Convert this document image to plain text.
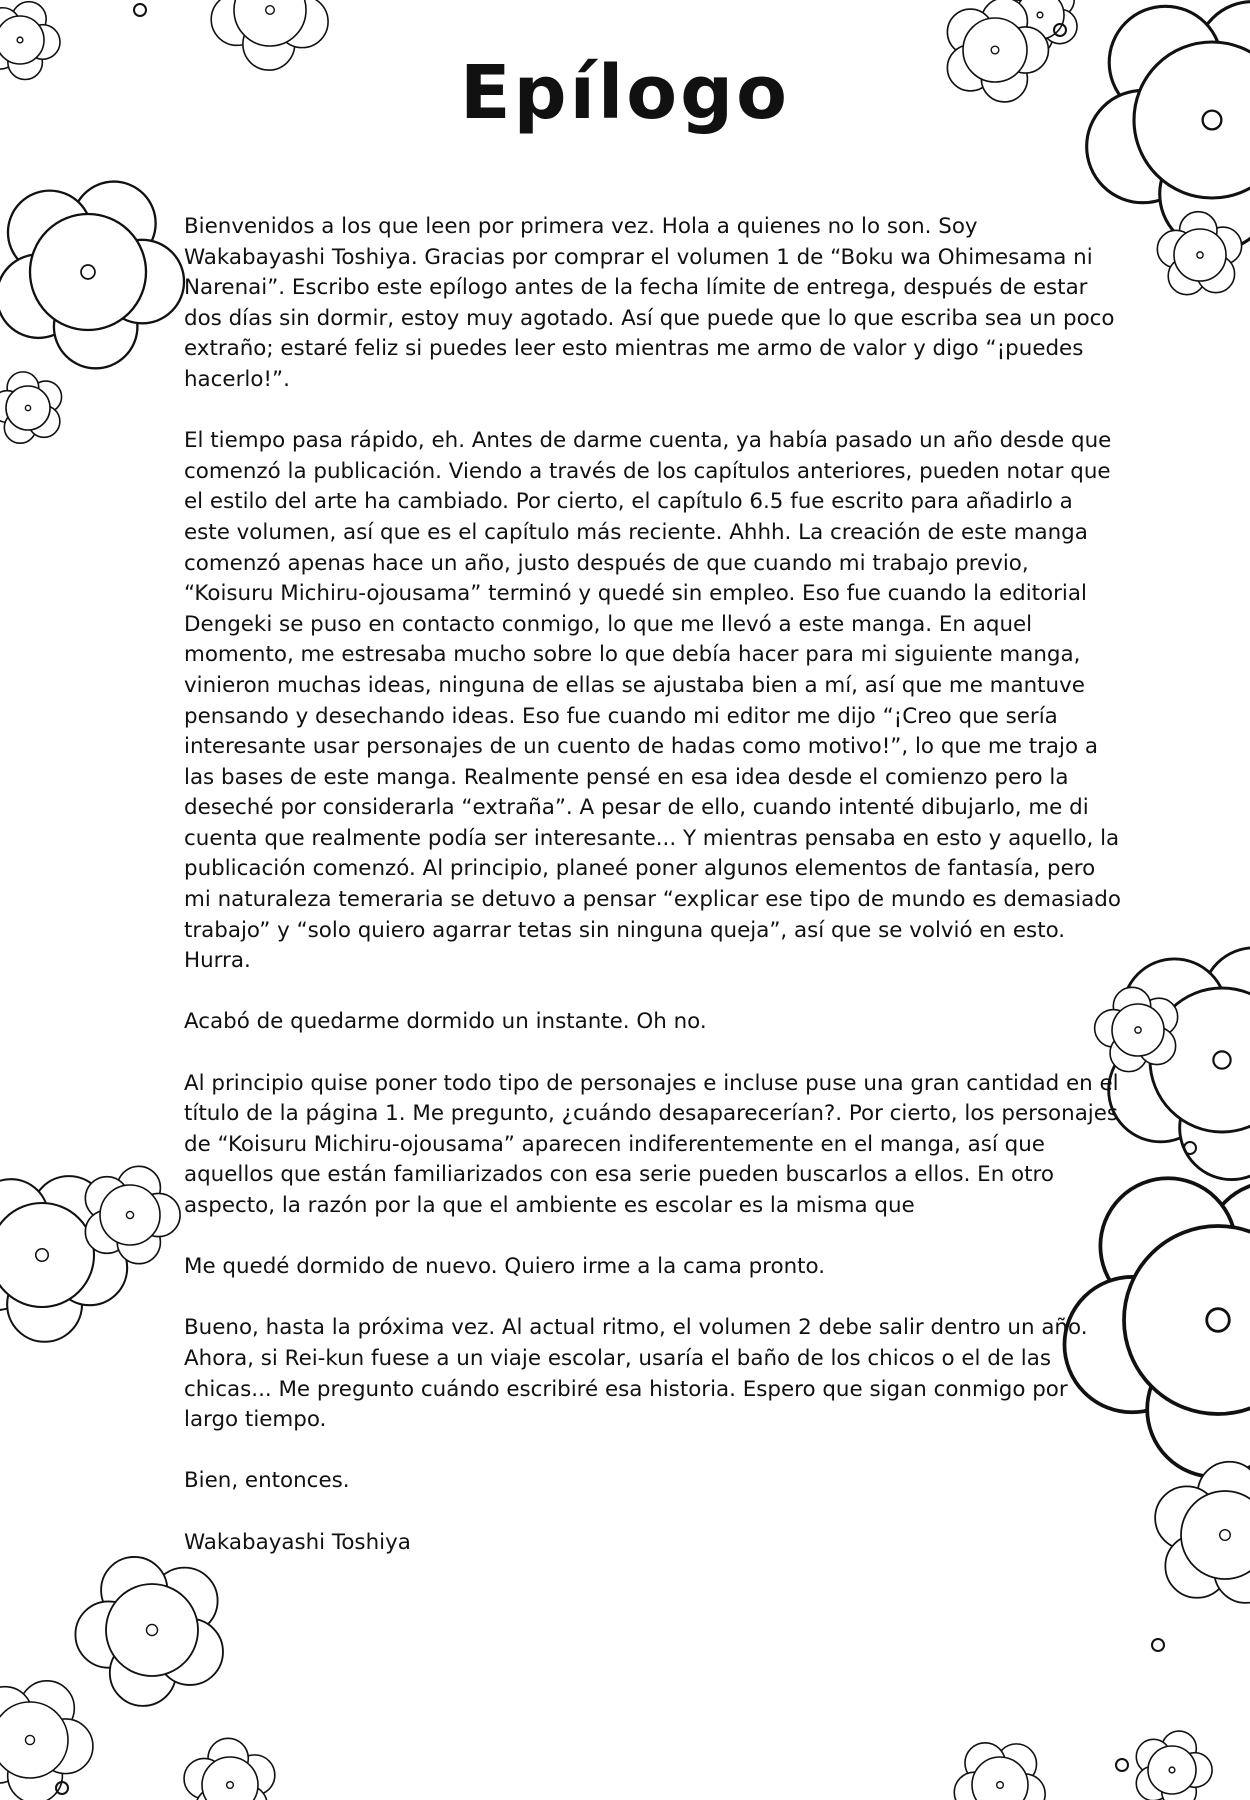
Epílogo

Bienvenidos a los que leen por primera vez. Hola a quienes no lo son. Soy Wakabayashi Toshiya. Gracias por comprar el volumen 1 de “Boku wa Ohimesama ni Narenai”. Escribo este epílogo antes de la fecha límite de entrega, después de estar dos días sin dormir, estoy muy agotado. Así que puede que lo que escriba sea un poco extraño; estaré feliz si puedes leer esto mientras me armo de valor y digo “¡puedes hacerlo!”.

El tiempo pasa rápido, eh. Antes de darme cuenta, ya había pasado un año desde que comenzó la publicación. Viendo a través de los capítulos anteriores, pueden notar que el estilo del arte ha cambiado. Por cierto, el capítulo 6.5 fue escrito para añadirlo a este volumen, así que es el capítulo más reciente. Ahhh. La creación de este manga comenzó apenas hace un año, justo después de que cuando mi trabajo previo, “Koisuru Michiru-ojousama” terminó y quedé sin empleo. Eso fue cuando la editorial Dengeki se puso en contacto conmigo, lo que me llevó a este manga. En aquel momento, me estresaba mucho sobre lo que debía hacer para mi siguiente manga, vinieron muchas ideas, ninguna de ellas se ajustaba bien a mí, así que me mantuve pensando y desechando ideas. Eso fue cuando mi editor me dijo “¡Creo que sería interesante usar personajes de un cuento de hadas como motivo!”, lo que me trajo a las bases de este manga. Realmente pensé en esa idea desde el comienzo pero la deseché por considerarla “extraña”. A pesar de ello, cuando intenté dibujarlo, me di cuenta que realmente podía ser interesante... Y mientras pensaba en esto y aquello, la publicación comenzó. Al principio, planeé poner algunos elementos de fantasía, pero mi naturaleza temeraria se detuvo a pensar “explicar ese tipo de mundo es demasiado trabajo” y “solo quiero agarrar tetas sin ninguna queja”, así que se volvió en esto. Hurra.

Acabó de quedarme dormido un instante. Oh no.

Al principio quise poner todo tipo de personajes e incluse puse una gran cantidad en el título de la página 1. Me pregunto, ¿cuándo desaparecerían?. Por cierto, los personajes de “Koisuru Michiru-ojousama” aparecen indiferentemente en el manga, así que aquellos que están familiarizados con esa serie pueden buscarlos a ellos. En otro aspecto, la razón por la que el ambiente es escolar es la misma que

Me quedé dormido de nuevo. Quiero irme a la cama pronto.

Bueno, hasta la próxima vez. Al actual ritmo, el volumen 2 debe salir dentro un año. Ahora, si Rei-kun fuese a un viaje escolar, usaría el baño de los chicos o el de las chicas... Me pregunto cuándo escribiré esa historia. Espero que sigan conmigo por largo tiempo.

Bien, entonces.

Wakabayashi Toshiya
